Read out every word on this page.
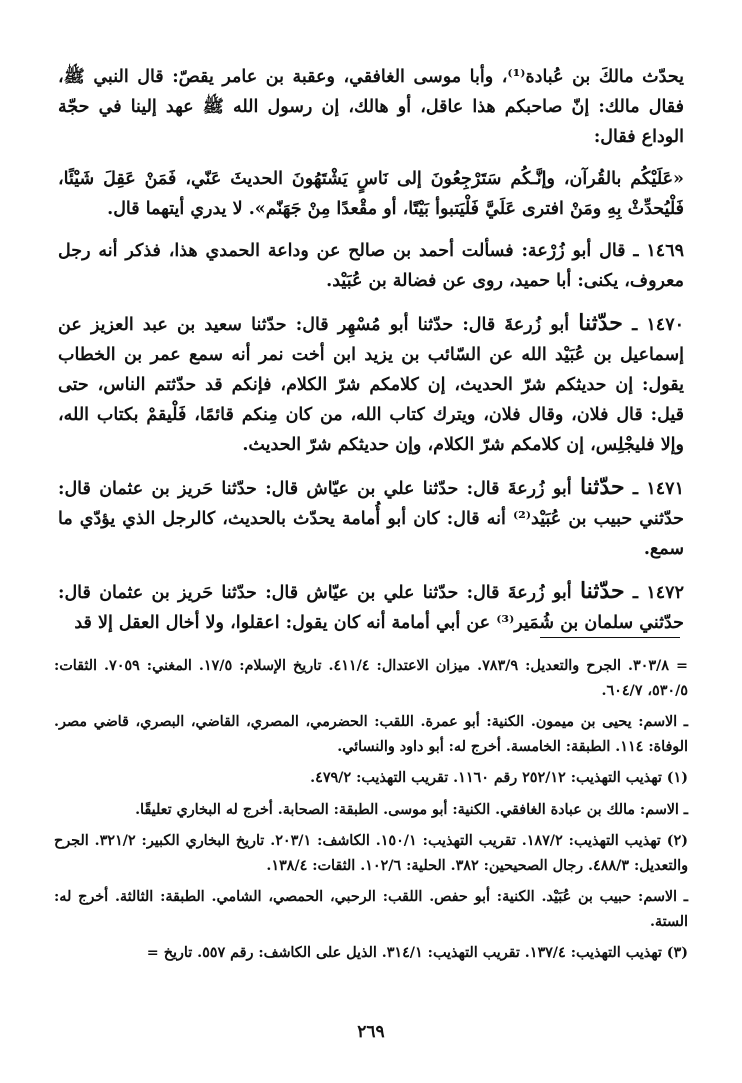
يحدّث مالكَ بن عُبادة⁽¹⁾، وأبا موسى الغافقي، وعقبة بن عامر يقصّ: قال النبي ﷺ، فقال مالك: إنّ صاحبكم هذا عاقل، أو هالك، إن رسول الله ﷺ عهد إلينا في حجّة الوداع فقال:

«عَلَيْكُم بالقُرآن، وإنَّـكُم سَتَرْجِعُونَ إلى نَاسٍ يَشْتَهُونَ الحديثَ عَنّي، فَمَنْ عَقِلَ شَيْئًا، فَلْيُحدِّثْ بِهِ ومَنْ افترى عَلَيَّ فَلْيَتبوأ بَيْتًا، أو مقْعدًا مِنْ جَهَنّم». لا يدري أيتهما قال.

١٤٦٩ ـ قال أبو زُرْعة: فسألت أحمد بن صالح عن وداعة الحمدي هذا، فذكر أنه رجل معروف، يكنى: أبا حميد، روى عن فضالة بن عُبَيْد.

١٤٧٠ ـ حدّثنا أبو زُرعةَ قال: حدّثنا أبو مُسْهِر قال: حدّثنا سعيد بن عبد العزيز عن إسماعيل بن عُبَيْد الله عن السّائب بن يزيد ابن أخت نمر أنه سمع عمر بن الخطاب يقول: إن حديثكم شرّ الحديث، إن كلامكم شرّ الكلام، فإنكم قد حدّثتم الناس، حتى قيل: قال فلان، وقال فلان، ويترك كتاب الله، من كان مِنكم قائمًا، فَلْيقمْ بكتاب الله، وإلا فليجْلِس، إن كلامكم شرّ الكلام، وإن حديثكم شرّ الحديث.

١٤٧١ ـ حدّثنا أبو زُرعةَ قال: حدّثنا علي بن عيّاش قال: حدّثنا حَريز بن عثمان قال: حدّثني حبيب بن عُبَيْد⁽²⁾ أنه قال: كان أبو أُمامة يحدّث بالحديث، كالرجل الذي يؤدّي ما سمع.

١٤٧٢ ـ حدّثنا أبو زُرعةَ قال: حدّثنا علي بن عيّاش قال: حدّثنا حَريز بن عثمان قال: حدّثني سلمان بن شُمَير⁽³⁾ عن أبي أمامة أنه كان يقول: اعقلوا، ولا أخال العقل إلا قد

= ٣٠٣/٨. الجرح والتعديل: ٧٨٣/٩. ميزان الاعتدال: ٤١١/٤. تاريخ الإسلام: ١٧/٥. المغني: ٧٠٥٩. الثقات: ٥٣٠/٥، ٦٠٤/٧.

ـ الاسم: يحيى بن ميمون. الكنية: أبو عمرة. اللقب: الحضرمي، المصري، القاضي، البصري، قاضي مصر. الوفاة: ١١٤. الطبقة: الخامسة. أخرج له: أبو داود والنسائي.

(١) تهذيب التهذيب: ٢٥٢/١٢ رقم ١١٦٠. تقريب التهذيب: ٤٧٩/٢.

ـ الاسم: مالك بن عبادة الغافقي. الكنية: أبو موسى. الطبقة: الصحابة. أخرج له البخاري تعليقًا.

(٢) تهذيب التهذيب: ١٨٧/٢. تقريب التهذيب: ١٥٠/١. الكاشف: ٢٠٣/١. تاريخ البخاري الكبير: ٣٢١/٢. الجرح والتعديل: ٤٨٨/٣. رجال الصحيحين: ٣٨٢. الحلية: ١٠٢/٦. الثقات: ١٣٨/٤.

ـ الاسم: حبيب بن عُبَيْد. الكنية: أبو حفص. اللقب: الرحبي، الحمصي، الشامي. الطبقة: الثالثة. أخرج له: الستة.

(٣) تهذيب التهذيب: ١٣٧/٤. تقريب التهذيب: ٣١٤/١. الذيل على الكاشف: رقم ٥٥٧. تاريخ =

٢٦٩
